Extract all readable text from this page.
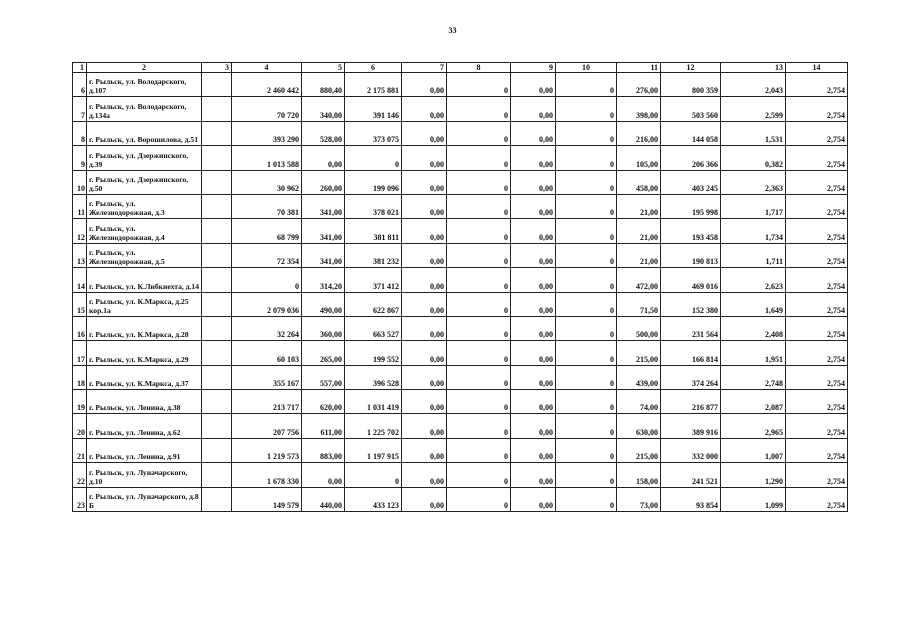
33
1	2	3	4	5	6	7	8	9	10	11	12	13	14
6	г. Рыльск, ул. Володарского, д.107		2 460 442	880,40	2 175 881	0,00	0	0,00	0	276,00	800 359	2,043	2,754
7	г. Рыльск, ул. Володарского, д.134а		70 720	340,00	391 146	0,00	0	0,00	0	398,00	503 560	2,599	2,754
8	г. Рыльск, ул. Ворошилова, д.51		393 290	528,00	373 075	0,00	0	0,00	0	216,00	144 058	1,531	2,754
9	г. Рыльск, ул. Дзержинского, д.39		1 013 588	0,00	0	0,00	0	0,00	0	105,00	206 366	0,382	2,754
10	г. Рыльск, ул. Дзержинского, д.50		30 962	260,00	199 096	0,00	0	0,00	0	458,00	403 245	2,363	2,754
11	г. Рыльск, ул. Железнодорожная, д.3		70 381	341,00	378 021	0,00	0	0,00	0	21,00	195 998	1,717	2,754
12	г. Рыльск, ул. Железнодорожная, д.4		68 799	341,00	381 811	0,00	0	0,00	0	21,00	193 458	1,734	2,754
13	г. Рыльск, ул. Железнодорожная, д.5		72 354	341,00	381 232	0,00	0	0,00	0	21,00	190 813	1,711	2,754
14	г. Рыльск, ул. К.Либкнехта, д.14		0	314,20	371 412	0,00	0	0,00	0	472,00	469 016	2,623	2,754
15	г. Рыльск, ул. К.Маркса, д.25 кор.1а		2 079 036	490,00	622 867	0,00	0	0,00	0	71,50	152 380	1,649	2,754
16	г. Рыльск, ул. К.Маркса, д.28		32 264	360,00	663 527	0,00	0	0,00	0	500,00	231 564	2,408	2,754
17	г. Рыльск, ул. К.Маркса, д.29		60 103	265,00	199 552	0,00	0	0,00	0	215,00	166 814	1,951	2,754
18	г. Рыльск, ул. К.Маркса, д.37		355 167	557,00	396 528	0,00	0	0,00	0	439,00	374 264	2,748	2,754
19	г. Рыльск, ул. Ленина, д.38		213 717	620,00	1 031 419	0,00	0	0,00	0	74,00	216 877	2,087	2,754
20	г. Рыльск, ул. Ленина, д.62		207 756	611,00	1 225 702	0,00	0	0,00	0	630,00	389 916	2,965	2,754
21	г. Рыльск, ул. Ленина, д.91		1 219 573	883,00	1 197 915	0,00	0	0,00	0	215,00	332 000	1,007	2,754
22	г. Рыльск, ул. Луначарского, д.10		1 678 330	0,00	0	0,00	0	0,00	0	158,00	241 521	1,290	2,754
23	г. Рыльск, ул. Луначарского, д.8 Б		149 579	440,00	433 123	0,00	0	0,00	0	73,00	93 854	1,099	2,754
